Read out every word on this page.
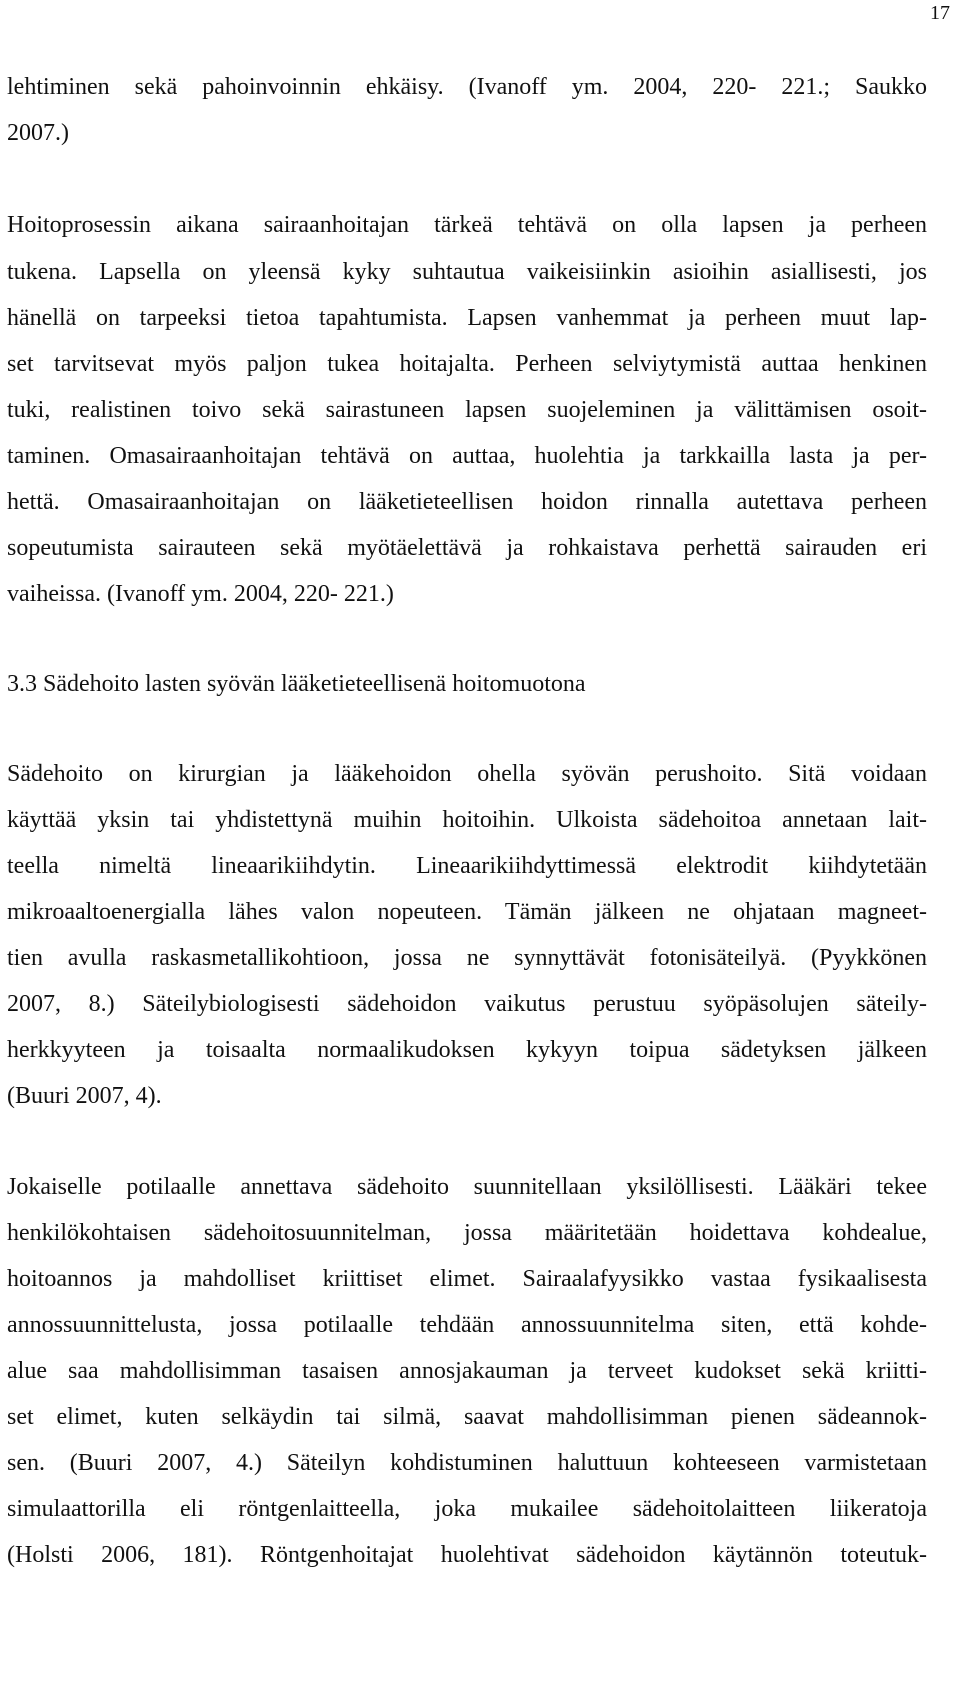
17
lehtiminen sekä pahoinvoinnin ehkäisy. (Ivanoff ym. 2004, 220- 221.; Saukko
2007.)
Hoitoprosessin aikana sairaanhoitajan tärkeä tehtävä on olla lapsen ja perheen
tukena. Lapsella on yleensä kyky suhtautua vaikeisiinkin asioihin asiallisesti, jos
hänellä on tarpeeksi tietoa tapahtumista. Lapsen vanhemmat ja perheen muut lap-
set tarvitsevat myös paljon tukea hoitajalta. Perheen selviytymistä auttaa henkinen
tuki, realistinen toivo sekä sairastuneen lapsen suojeleminen ja välittämisen osoit-
taminen. Omasairaanhoitajan tehtävä on auttaa, huolehtia ja tarkkailla lasta ja per-
hettä. Omasairaanhoitajan on lääketieteellisen hoidon rinnalla autettava perheen
sopeutumista sairauteen sekä myötäelettävä ja rohkaistava perhettä sairauden eri
vaiheissa. (Ivanoff ym. 2004, 220- 221.)
3.3 Sädehoito lasten syövän lääketieteellisenä hoitomuotona
Sädehoito on kirurgian ja lääkehoidon ohella syövän perushoito. Sitä voidaan
käyttää yksin tai yhdistettynä muihin hoitoihin. Ulkoista sädehoitoa annetaan lait-
teella nimeltä lineaarikiihdytin. Lineaarikiihdyttimessä elektrodit kiihdytetään
mikroaaltoenergialla lähes valon nopeuteen. Tämän jälkeen ne ohjataan magneet-
tien avulla raskasmetallikohtioon, jossa ne synnyttävät fotonisäteilyä. (Pyykkönen
2007, 8.) Säteilybiologisesti sädehoidon vaikutus perustuu syöpäsolujen säteily-
herkkyyteen ja toisaalta normaalikudoksen kykyyn toipua sädetyksen jälkeen
(Buuri 2007, 4).
Jokaiselle potilaalle annettava sädehoito suunnitellaan yksilöllisesti. Lääkäri tekee
henkilökohtaisen sädehoitosuunnitelman, jossa määritetään hoidettava kohdealue,
hoitoannos ja mahdolliset kriittiset elimet. Sairaalafyysikko vastaa fysikaalisesta
annossuunnittelusta, jossa potilaalle tehdään annossuunnitelma siten, että kohde-
alue saa mahdollisimman tasaisen annosjakauman ja terveet kudokset sekä kriitti-
set elimet, kuten selkäydin tai silmä, saavat mahdollisimman pienen sädeannok-
sen. (Buuri 2007, 4.) Säteilyn kohdistuminen haluttuun kohteeseen varmistetaan
simulaattorilla eli röntgenlaitteella, joka mukailee sädehoitolaitteen liikeratoja
(Holsti 2006, 181). Röntgenhoitajat huolehtivat sädehoidon käytännön toteutuk-
